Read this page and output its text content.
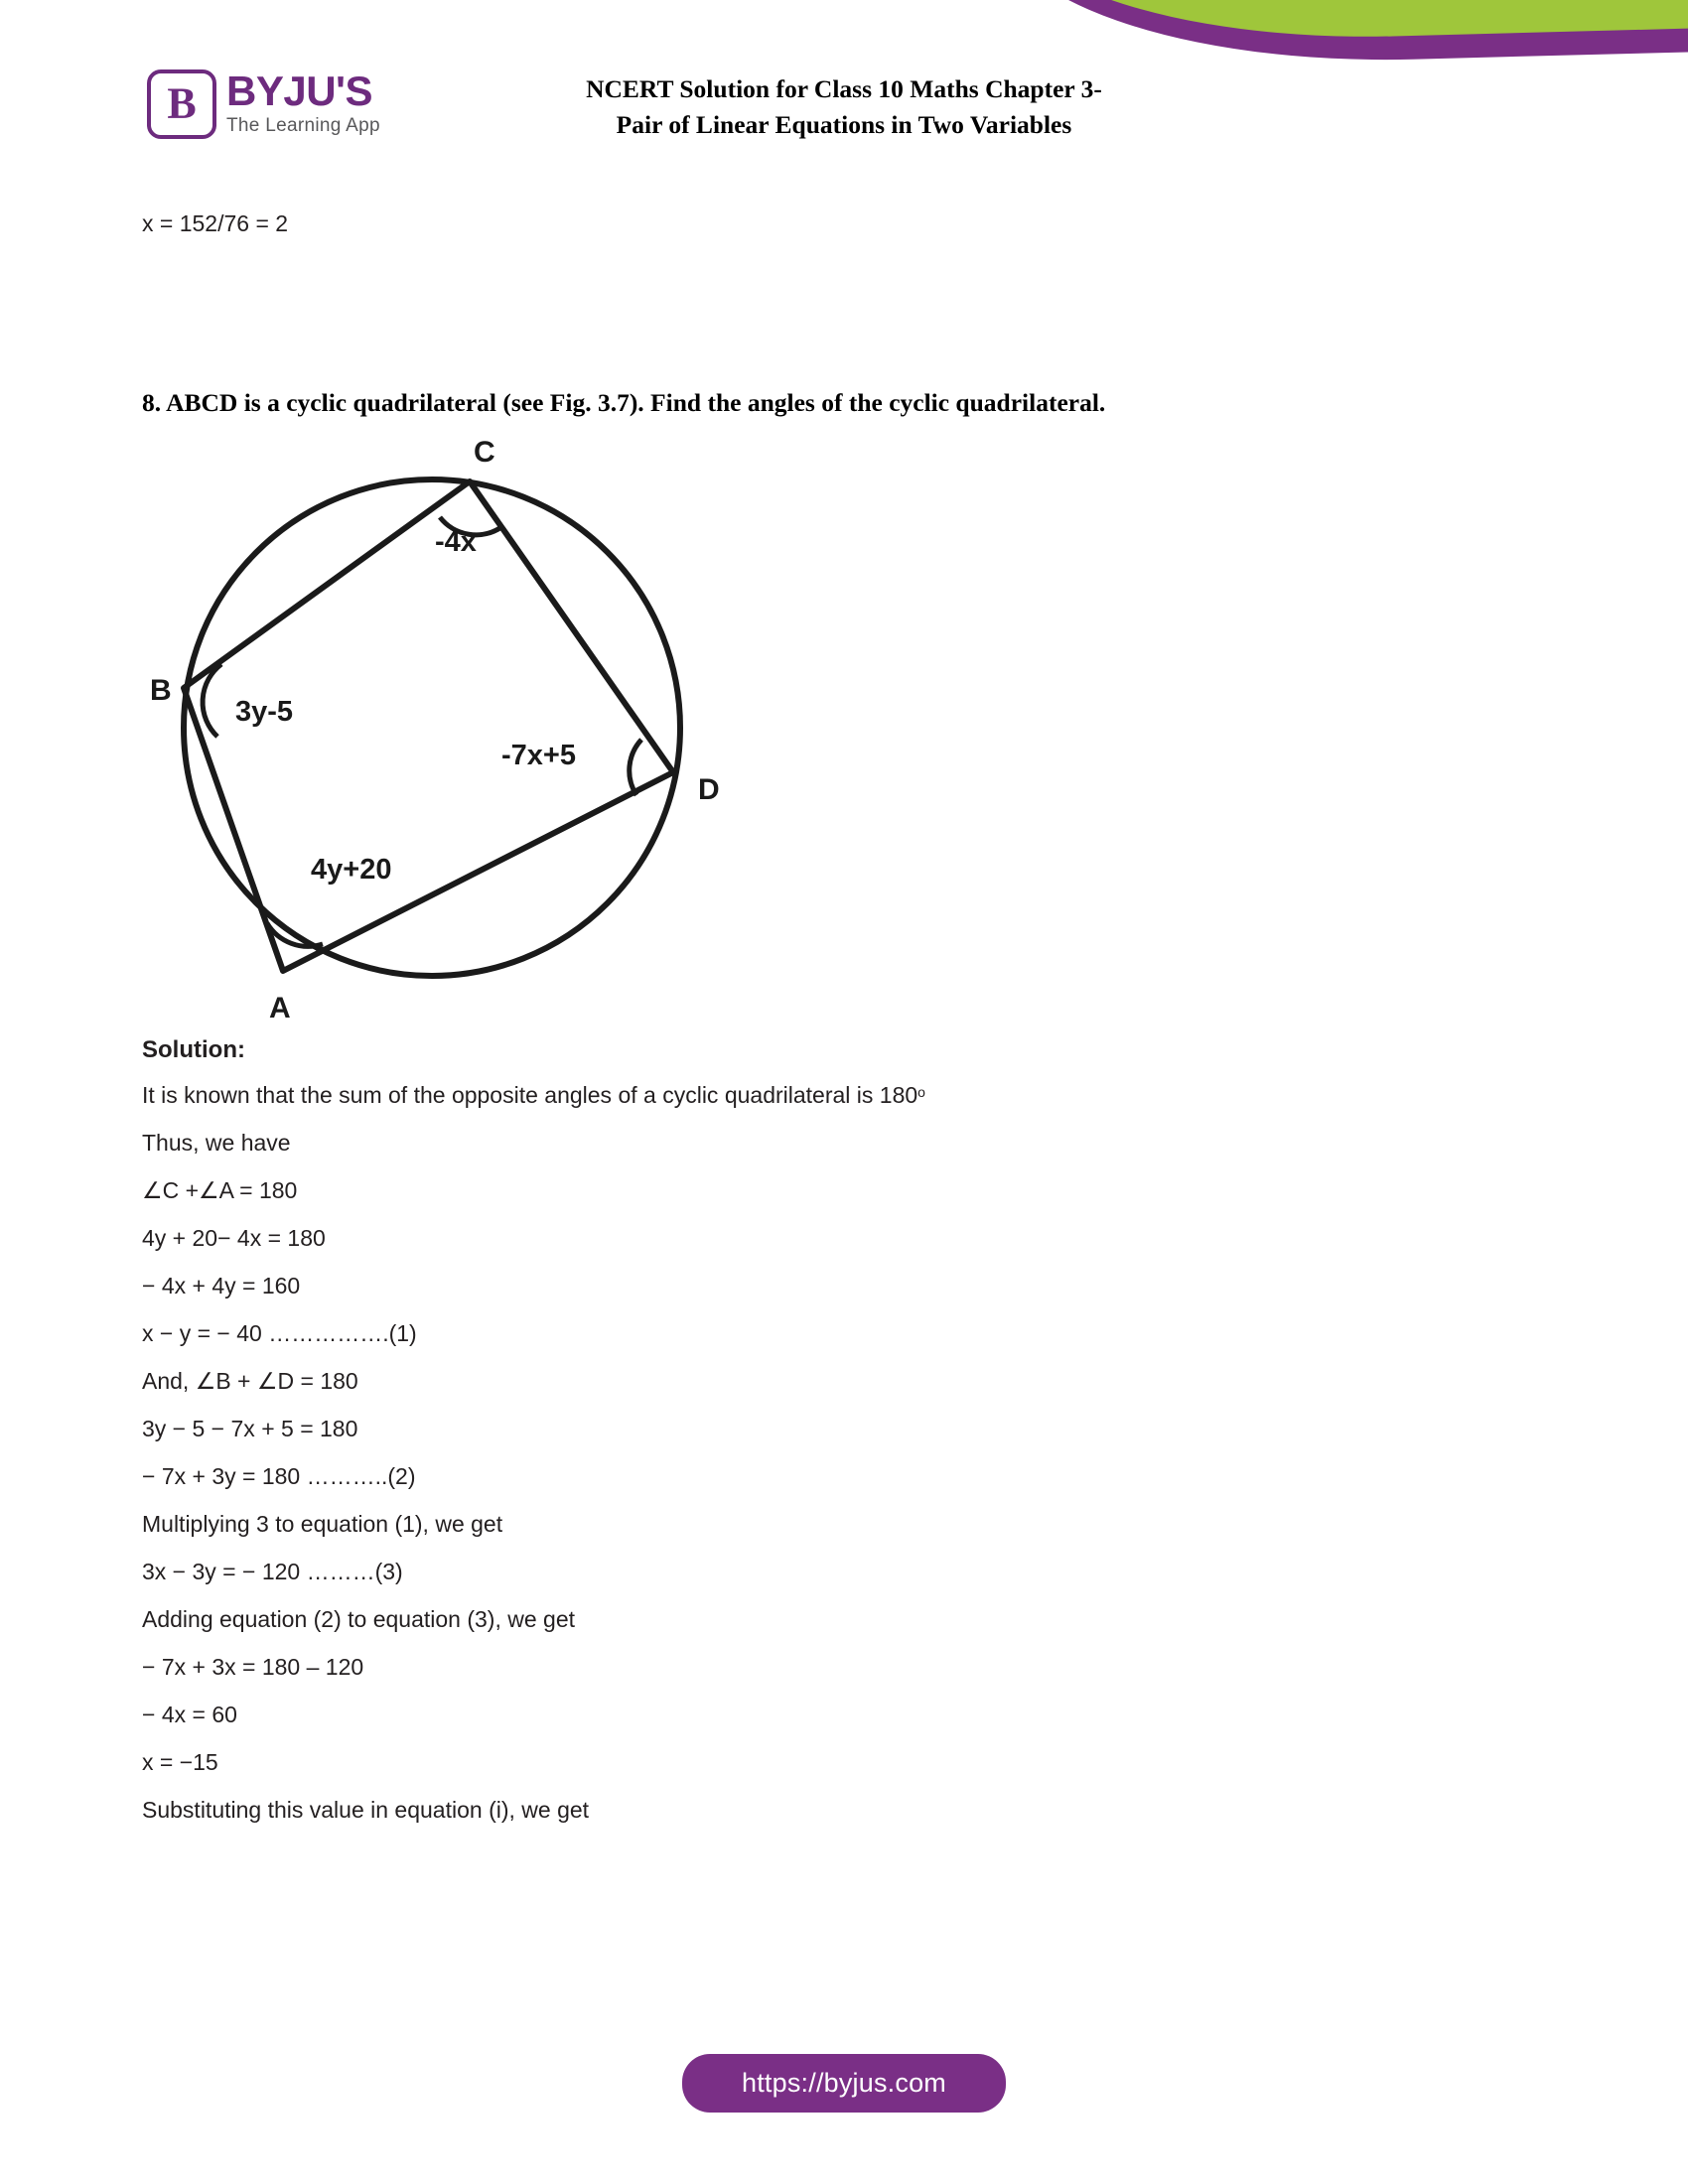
B BYJU'S
The Learning App
NCERT Solution for Class 10 Maths Chapter 3-
Pair of Linear Equations in Two Variables
x = 152/76 = 2
8. ABCD is a cyclic quadrilateral (see Fig. 3.7). Find the angles of the cyclic quadrilateral.
B
C
D
A
-4x
3y-5
-7x+5
4y+20
Solution:
It is known that the sum of the opposite angles of a cyclic quadrilateral is 180$^o$
Thus, we have
∠C +∠A = 180
4y + 20− 4x = 180
− 4x + 4y = 160
x − y = − 40 …………….(1)
And, ∠B + ∠D = 180
3y − 5 − 7x + 5 = 180
− 7x + 3y = 180 ………..(2)
Multiplying 3 to equation (1), we get
3x − 3y = − 120 ………(3)
Adding equation (2) to equation (3), we get
− 7x + 3x = 180 – 120
− 4x = 60
x = −15
Substituting this value in equation (i), we get
https://byjus.com
